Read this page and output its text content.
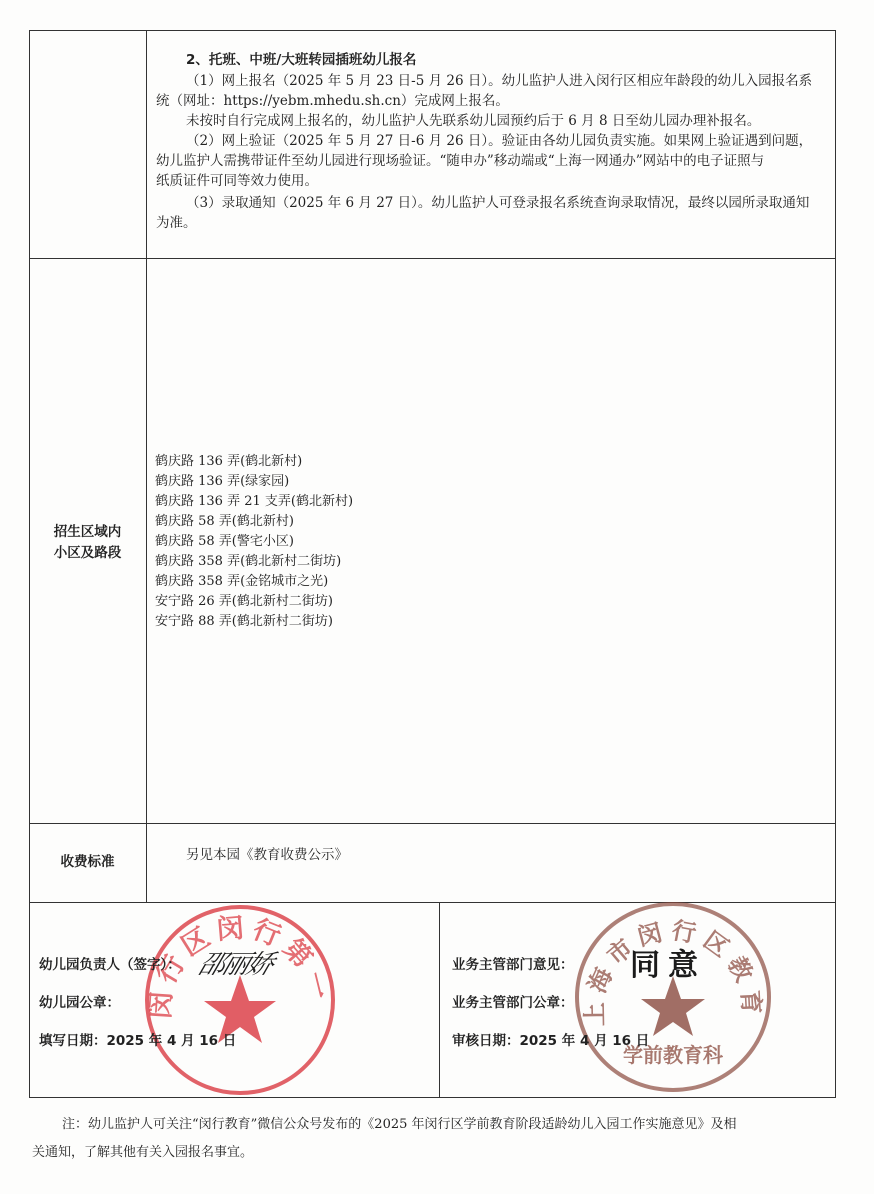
2、托班、中班/大班转园插班幼儿报名
（1）网上报名（2025 年 5 月 23 日-5 月 26 日）。幼儿监护人进入闵行区相应年龄段的幼儿入园报名系
统（网址：https://yebm.mhedu.sh.cn）完成网上报名。
未按时自行完成网上报名的，幼儿监护人先联系幼儿园预约后于 6 月 8 日至幼儿园办理补报名。
（2）网上验证（2025 年 5 月 27 日-6 月 26 日）。验证由各幼儿园负责实施。如果网上验证遇到问题，
幼儿监护人需携带证件至幼儿园进行现场验证。“随申办”移动端或“上海一网通办”网站中的电子证照与
纸质证件可同等效力使用。
（3）录取通知（2025 年 6 月 27 日）。幼儿监护人可登录报名系统查询录取情况，最终以园所录取通知
为准。
招生区域内
小区及路段
鹤庆路 136 弄(鹤北新村)
鹤庆路 136 弄(绿家园)
鹤庆路 136 弄 21 支弄(鹤北新村)
鹤庆路 58 弄(鹤北新村)
鹤庆路 58 弄(警宅小区)
鹤庆路 358 弄(鹤北新村二街坊)
鹤庆路 358 弄(金铭城市之光)
安宁路 26 弄(鹤北新村二街坊)
安宁路 88 弄(鹤北新村二街坊)
收费标准	另见本园《教育收费公示》
行区闵行第
上海市闵行区教育
学前教育科
幼儿园负责人（签字）： 邵丽娇
幼儿园公章：
填写日期：2025 年 4 月 16 日
业务主管部门意见： 同意
业务主管部门公章：
审核日期：2025 年 4 月 16 日
注：幼儿监护人可关注“闵行教育”微信公众号发布的《2025 年闵行区学前教育阶段适龄幼儿入园工作实施意见》及相
关通知，了解其他有关入园报名事宜。
